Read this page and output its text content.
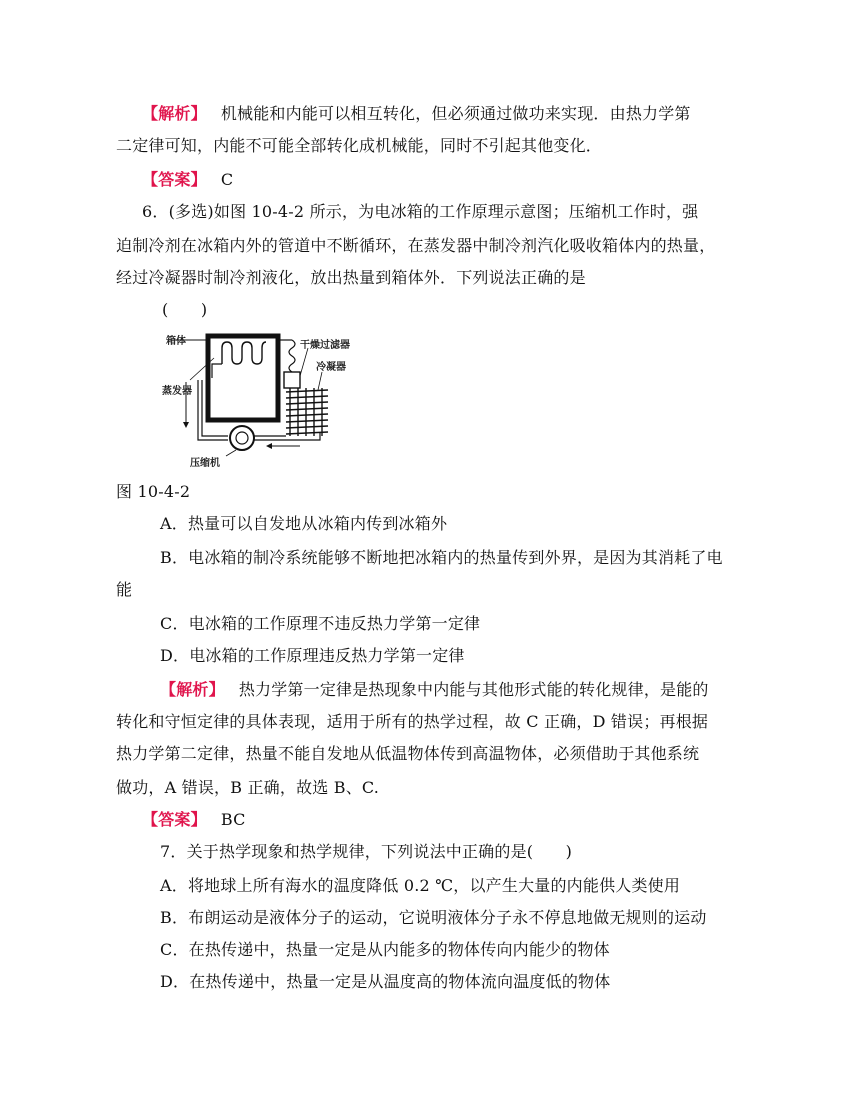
【解析】 机械能和内能可以相互转化，但必须通过做功来实现．由热力学第
二定律可知，内能不可能全部转化成机械能，同时不引起其他变化．
【答案】 C
6．(多选)如图 10-4-2 所示，为电冰箱的工作原理示意图；压缩机工作时，强
迫制冷剂在冰箱内外的管道中不断循环，在蒸发器中制冷剂汽化吸收箱体内的热量，
经过冷凝器时制冷剂液化，放出热量到箱体外．下列说法正确的是
(　　)
箱体	干燥过滤器
冷凝器
蒸发器
压缩机
图 10-4-2
A．热量可以自发地从冰箱内传到冰箱外
B．电冰箱的制冷系统能够不断地把冰箱内的热量传到外界，是因为其消耗了电
能
C．电冰箱的工作原理不违反热力学第一定律
D．电冰箱的工作原理违反热力学第一定律
【解析】 热力学第一定律是热现象中内能与其他形式能的转化规律，是能的
转化和守恒定律的具体表现，适用于所有的热学过程，故 C 正确，D 错误；再根据
热力学第二定律，热量不能自发地从低温物体传到高温物体，必须借助于其他系统
做功，A 错误，B 正确，故选 B、C.
【答案】 BC
7．关于热学现象和热学规律，下列说法中正确的是(　　)
A．将地球上所有海水的温度降低 0.2 ℃，以产生大量的内能供人类使用
B．布朗运动是液体分子的运动，它说明液体分子永不停息地做无规则的运动
C．在热传递中，热量一定是从内能多的物体传向内能少的物体
D．在热传递中，热量一定是从温度高的物体流向温度低的物体
